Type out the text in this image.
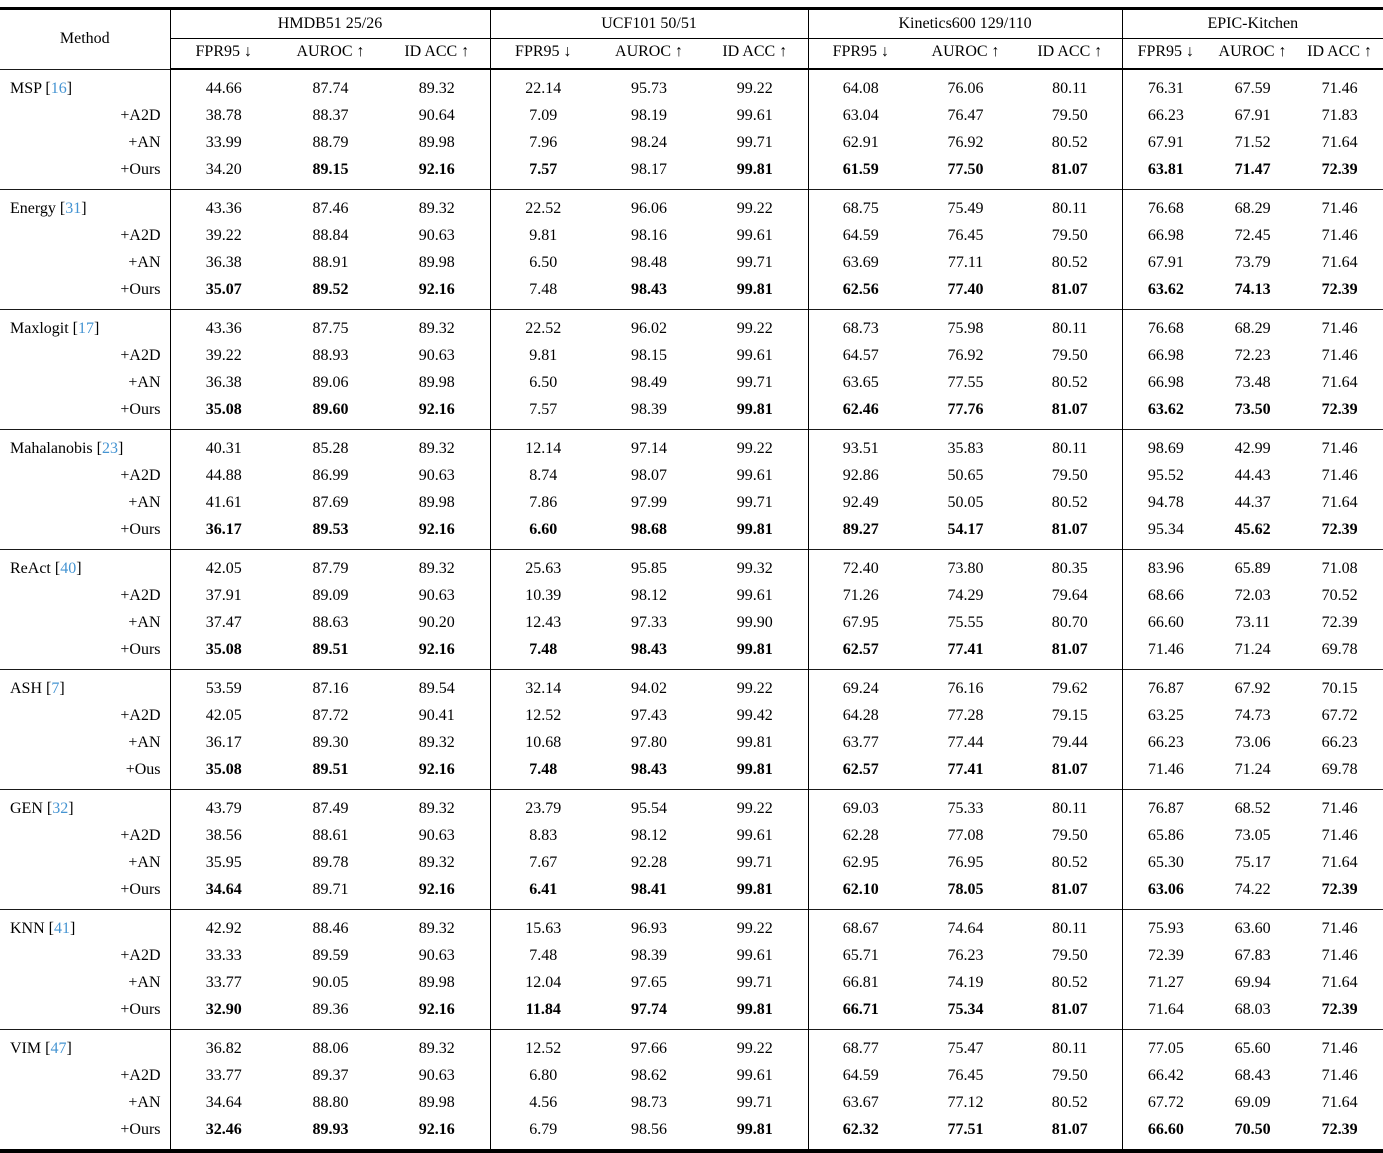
Method	HMDB51 25/26			UCF101 50/51			Kinetics600 129/110			EPIC-Kitchen		
	FPR95 ↓	AUROC ↑	ID ACC ↑	FPR95 ↓	AUROC ↑	ID ACC ↑	FPR95 ↓	AUROC ↑	ID ACC ↑	FPR95 ↓	AUROC ↑	ID ACC ↑
MSP [16]	44.66	87.74	89.32	22.14	95.73	99.22	64.08	76.06	80.11	76.31	67.59	71.46
+A2D	38.78	88.37	90.64	7.09	98.19	99.61	63.04	76.47	79.50	66.23	67.91	71.83
+AN	33.99	88.79	89.98	7.96	98.24	99.71	62.91	76.92	80.52	67.91	71.52	71.64
+Ours	34.20	89.15	92.16	7.57	98.17	99.81	61.59	77.50	81.07	63.81	71.47	72.39
Energy [31]	43.36	87.46	89.32	22.52	96.06	99.22	68.75	75.49	80.11	76.68	68.29	71.46
+A2D	39.22	88.84	90.63	9.81	98.16	99.61	64.59	76.45	79.50	66.98	72.45	71.46
+AN	36.38	88.91	89.98	6.50	98.48	99.71	63.69	77.11	80.52	67.91	73.79	71.64
+Ours	35.07	89.52	92.16	7.48	98.43	99.81	62.56	77.40	81.07	63.62	74.13	72.39
Maxlogit [17]	43.36	87.75	89.32	22.52	96.02	99.22	68.73	75.98	80.11	76.68	68.29	71.46
+A2D	39.22	88.93	90.63	9.81	98.15	99.61	64.57	76.92	79.50	66.98	72.23	71.46
+AN	36.38	89.06	89.98	6.50	98.49	99.71	63.65	77.55	80.52	66.98	73.48	71.64
+Ours	35.08	89.60	92.16	7.57	98.39	99.81	62.46	77.76	81.07	63.62	73.50	72.39
Mahalanobis [23]	40.31	85.28	89.32	12.14	97.14	99.22	93.51	35.83	80.11	98.69	42.99	71.46
+A2D	44.88	86.99	90.63	8.74	98.07	99.61	92.86	50.65	79.50	95.52	44.43	71.46
+AN	41.61	87.69	89.98	7.86	97.99	99.71	92.49	50.05	80.52	94.78	44.37	71.64
+Ours	36.17	89.53	92.16	6.60	98.68	99.81	89.27	54.17	81.07	95.34	45.62	72.39
ReAct [40]	42.05	87.79	89.32	25.63	95.85	99.32	72.40	73.80	80.35	83.96	65.89	71.08
+A2D	37.91	89.09	90.63	10.39	98.12	99.61	71.26	74.29	79.64	68.66	72.03	70.52
+AN	37.47	88.63	90.20	12.43	97.33	99.90	67.95	75.55	80.70	66.60	73.11	72.39
+Ours	35.08	89.51	92.16	7.48	98.43	99.81	62.57	77.41	81.07	71.46	71.24	69.78
ASH [7]	53.59	87.16	89.54	32.14	94.02	99.22	69.24	76.16	79.62	76.87	67.92	70.15
+A2D	42.05	87.72	90.41	12.52	97.43	99.42	64.28	77.28	79.15	63.25	74.73	67.72
+AN	36.17	89.30	89.32	10.68	97.80	99.81	63.77	77.44	79.44	66.23	73.06	66.23
+Ous	35.08	89.51	92.16	7.48	98.43	99.81	62.57	77.41	81.07	71.46	71.24	69.78
GEN [32]	43.79	87.49	89.32	23.79	95.54	99.22	69.03	75.33	80.11	76.87	68.52	71.46
+A2D	38.56	88.61	90.63	8.83	98.12	99.61	62.28	77.08	79.50	65.86	73.05	71.46
+AN	35.95	89.78	89.32	7.67	92.28	99.71	62.95	76.95	80.52	65.30	75.17	71.64
+Ours	34.64	89.71	92.16	6.41	98.41	99.81	62.10	78.05	81.07	63.06	74.22	72.39
KNN [41]	42.92	88.46	89.32	15.63	96.93	99.22	68.67	74.64	80.11	75.93	63.60	71.46
+A2D	33.33	89.59	90.63	7.48	98.39	99.61	65.71	76.23	79.50	72.39	67.83	71.46
+AN	33.77	90.05	89.98	12.04	97.65	99.71	66.81	74.19	80.52	71.27	69.94	71.64
+Ours	32.90	89.36	92.16	11.84	97.74	99.81	66.71	75.34	81.07	71.64	68.03	72.39
VIM [47]	36.82	88.06	89.32	12.52	97.66	99.22	68.77	75.47	80.11	77.05	65.60	71.46
+A2D	33.77	89.37	90.63	6.80	98.62	99.61	64.59	76.45	79.50	66.42	68.43	71.46
+AN	34.64	88.80	89.98	4.56	98.73	99.71	63.67	77.12	80.52	67.72	69.09	71.64
+Ours	32.46	89.93	92.16	6.79	98.56	99.81	62.32	77.51	81.07	66.60	70.50	72.39
